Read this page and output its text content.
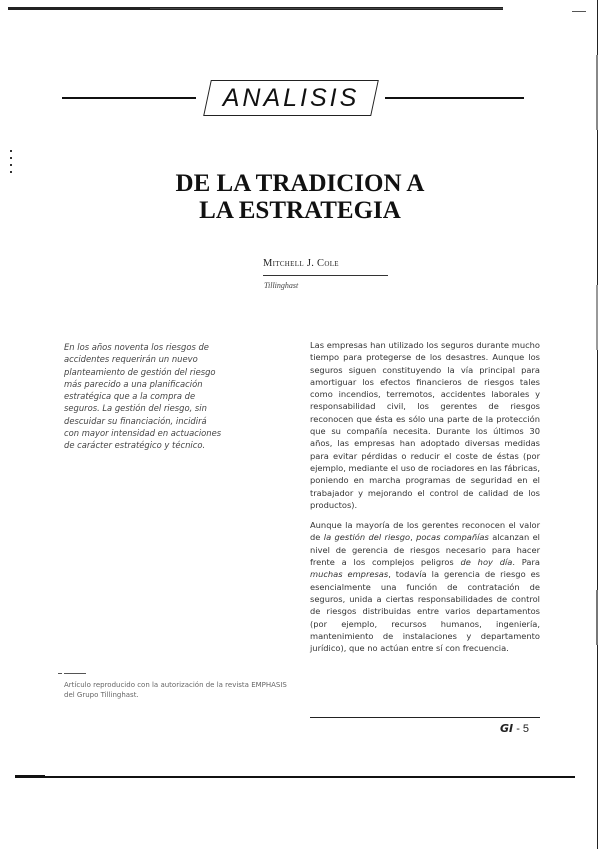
ANALISIS
DE LA TRADICION A
LA ESTRATEGIA
Mitchell J. Cole
Tillinghast
En los años noventa los riesgos de accidentes requerirán un nuevo planteamiento de gestión del riesgo más parecido a una planificación estratégica que a la compra de seguros. La gestión del riesgo, sin descuidar su financiación, incidirá con mayor intensidad en actuaciones de carácter estratégico y técnico.

Las empresas han utilizado los seguros durante mucho tiempo para protegerse de los desastres. Aunque los seguros siguen constituyendo la vía principal para amortiguar los efectos financieros de riesgos tales como incendios, terremotos, accidentes laborales y responsabilidad civil, los gerentes de riesgos reconocen que ésta es sólo una parte de la protección que su compañía necesita. Durante los últimos 30 años, las empresas han adoptado diversas medidas para evitar pérdidas o reducir el coste de éstas (por ejemplo, mediante el uso de rociadores en las fábricas, poniendo en marcha programas de seguridad en el trabajador y mejorando el control de calidad de los productos).

Aunque la mayoría de los gerentes reconocen el valor de la gestión del riesgo, pocas compañías alcanzan el nivel de gerencia de riesgos necesario para hacer frente a los complejos peligros de hoy día. Para muchas empresas, todavía la gerencia de riesgo es esencialmente una función de contratación de seguros, unida a ciertas responsabilidades de control de riesgos distribuidas entre varios departamentos (por ejemplo, recursos humanos, ingeniería, mantenimiento de instalaciones y departamento jurídico), que no actúan entre sí con frecuencia.

Artículo reproducido con la autorización de la revista EMPHASIS del Grupo Tillinghast.
GI - 5
